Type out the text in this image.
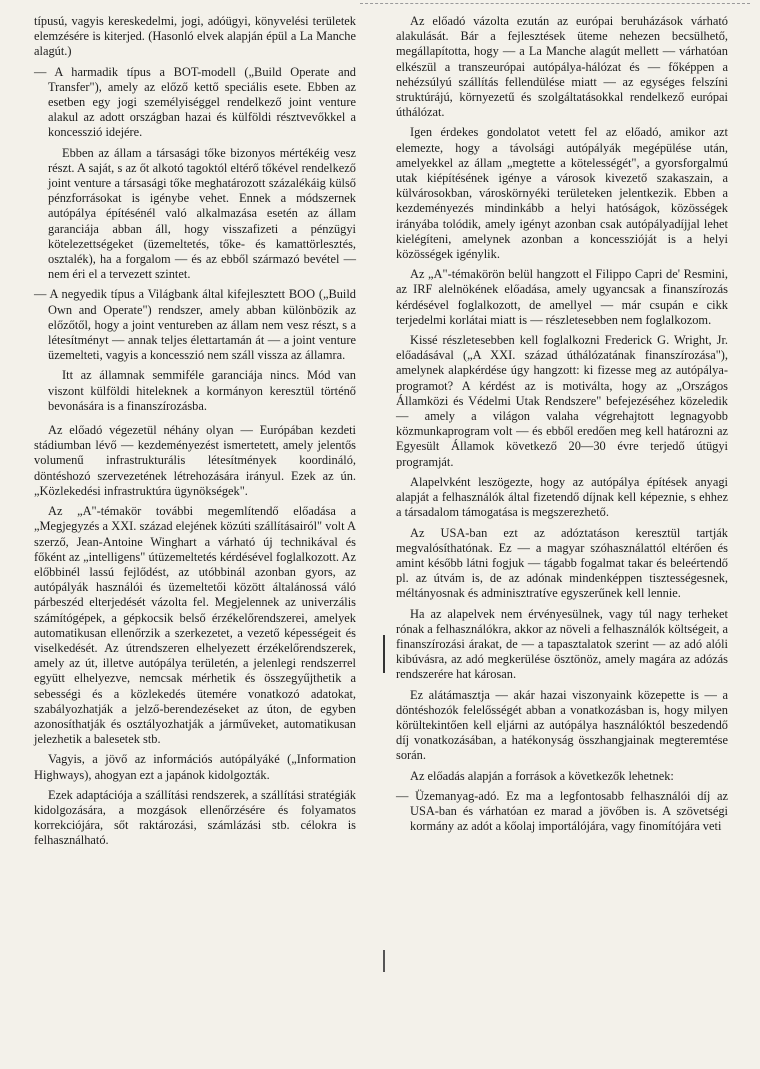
típusú, vagyis kereskedelmi, jogi, adóügyi, könyvelési területek elemzésére is kiterjed. (Hasonló elvek alapján épül a La Manche alagút.)

— A harmadik típus a BOT-modell („Build Operate and Transfer"), amely az előző kettő speciális esete. Ebben az esetben egy jogi személyiséggel rendelkező joint venture alakul az adott országban hazai és külföldi résztvevőkkel a koncesszió idejére.

Ebben az állam a társasági tőke bizonyos mértékéig vesz részt. A saját, s az őt alkotó tagoktól eltérő tőkével rendelkező joint venture a társasági tőke meghatározott százalékáig külső pénzforrásokat is igénybe vehet. Ennek a módszernek autópálya építésénél való alkalmazása esetén az állam garanciája abban áll, hogy visszafizeti a pénzügyi kötelezettségeket (üzemeltetés, tőke- és kamattörlesztés, osztalék), ha a forgalom — és az ebből származó bevétel — nem éri el a tervezett szintet.

— A negyedik típus a Világbank által kifejlesztett BOO („Build Own and Operate") rendszer, amely abban különbözik az előzőtől, hogy a joint ventureben az állam nem vesz részt, s a létesítményt — annak teljes élettartamán át — a joint venture üzemelteti, vagyis a koncesszió nem száll vissza az államra.

Itt az államnak semmiféle garanciája nincs. Mód van viszont külföldi hiteleknek a kormányon keresztül történő bevonására is a finanszírozásba.

Az előadó végezetül néhány olyan — Európában kezdeti stádiumban lévő — kezdeményezést ismertetett, amely jelentős volumenű infrastrukturális létesítmények koordináló, döntéshozó szervezetének létrehozására irányul. Ezek az ún. „Közlekedési infrastruktúra ügynökségek".

Az „A"-témakör további megemlítendő előadása a „Megjegyzés a XXI. század elejének közúti szállításairól" volt A szerző, Jean-Antoine Winghart a várható új technikával és főként az „intelligens" útüzemeltetés kérdésével foglalkozott. Az előbbinél lassú fejlődést, az utóbbinál azonban gyors, az autópályák használói és üzemeltetői között általánossá váló párbeszéd elterjedését vázolta fel. Megjelennek az univerzális számítógépek, a gépkocsik belső érzékelőrendszerei, amelyek automatikusan ellenőrzik a szerkezetet, a vezető képességeit és viselkedését. Az útrendszeren elhelyezett érzékelőrendszerek, amely az út, illetve autópálya területén, a jelenlegi rendszerrel együtt elhelyezve, nemcsak mérhetik és összegyűjthetik a sebességi és a közlekedés ütemére vonatkozó adatokat, szabályozhatják a jelző-berendezéseket az úton, de egyben azonosíthatják és osztályozhatják a járműveket, automatikusan jelezhetik a balesetek stb.

Vagyis, a jövő az információs autópályáké („Information Highways), ahogyan ezt a japánok kidolgozták.

Ezek adaptációja a szállítási rendszerek, a szállítási stratégiák kidolgozására, a mozgások ellenőrzésére és folyamatos korrekciójára, sőt raktározási, számlázási stb. célokra is felhasználható.

Az előadó vázolta ezután az európai beruházások várható alakulását. Bár a fejlesztések üteme nehezen becsülhető, megállapította, hogy — a La Manche alagút mellett — várhatóan elkészül a transzeurópai autópálya-hálózat és — főképpen a nehézsúlyú szállítás fellendülése miatt — az egységes felszíni struktúrájú, környezetű és szolgáltatásokkal rendelkező európai úthálózat.

Igen érdekes gondolatot vetett fel az előadó, amikor azt elemezte, hogy a távolsági autópályák megépülése után, amelyekkel az állam „megtette a kötelességét", a gyorsforgalmú utak kiépítésének igénye a városok kivezető szakaszain, a külvárosokban, városkörnyéki területeken jelentkezik. Ebben a kezdeményezés mindinkább a helyi hatóságok, közösségek irányába tolódik, amely igényt azonban csak autópályadíjjal lehet kielégíteni, amelynek azonban a koncesszióját is a helyi közösségek igénylik.

Az „A"-témakörön belül hangzott el Filippo Capri de' Resmini, az IRF alelnökének előadása, amely ugyancsak a finanszírozás kérdésével foglalkozott, de amellyel — már csupán e cikk terjedelmi korlátai miatt is — részletesebben nem foglalkozom.

Kissé részletesebben kell foglalkozni Frederick G. Wright, Jr. előadásával („A XXI. század úthálózatának finanszírozása"), amelynek alapkérdése úgy hangzott: ki fizesse meg az autópálya-programot? A kérdést az is motiválta, hogy az „Országos Államközi és Védelmi Utak Rendszere" befejezéséhez közeledik — amely a világon valaha végrehajtott legnagyobb közmunkaprogram volt — és ebből eredően meg kell határozni az Egyesült Államok következő 20—30 évre terjedő útügyi programját.

Alapelvként leszögezte, hogy az autópálya építések anyagi alapját a felhasználók által fizetendő díjnak kell képeznie, s ehhez a társadalom támogatása is megszerezhető.

Az USA-ban ezt az adóztatáson keresztül tartják megvalósíthatónak. Ez — a magyar szóhasználattól eltérően és amint később látni fogjuk — tágabb fogalmat takar és beleértendő pl. az útvám is, de az adónak mindenképpen tisztességesnek, méltányosnak és adminisztratíve egyszerűnek kell lennie.

Ha az alapelvek nem érvényesülnek, vagy túl nagy terheket rónak a felhasználókra, akkor az növeli a felhasználók költségeit, a finanszírozási árakat, de — a tapasztalatok szerint — az adó alóli kibúvásra, az adó megkerülése ösztönöz, amely magára az adózás rendszerére hat károsan.

Ez alátámasztja — akár hazai viszonyaink közepette is — a döntéshozók felelősségét abban a vonatkozásban is, hogy milyen körültekintően kell eljárni az autópálya használóktól beszedendő díj vonatkozásában, a hatékonyság összhangjainak megteremtése során.

Az előadás alapján a források a következők lehetnek:

— Üzemanyag-adó. Ez ma a legfontosabb felhasználói díj az USA-ban és várhatóan ez marad a jövőben is. A szövetségi kormány az adót a kőolaj importálójára, vagy finomítójára veti
